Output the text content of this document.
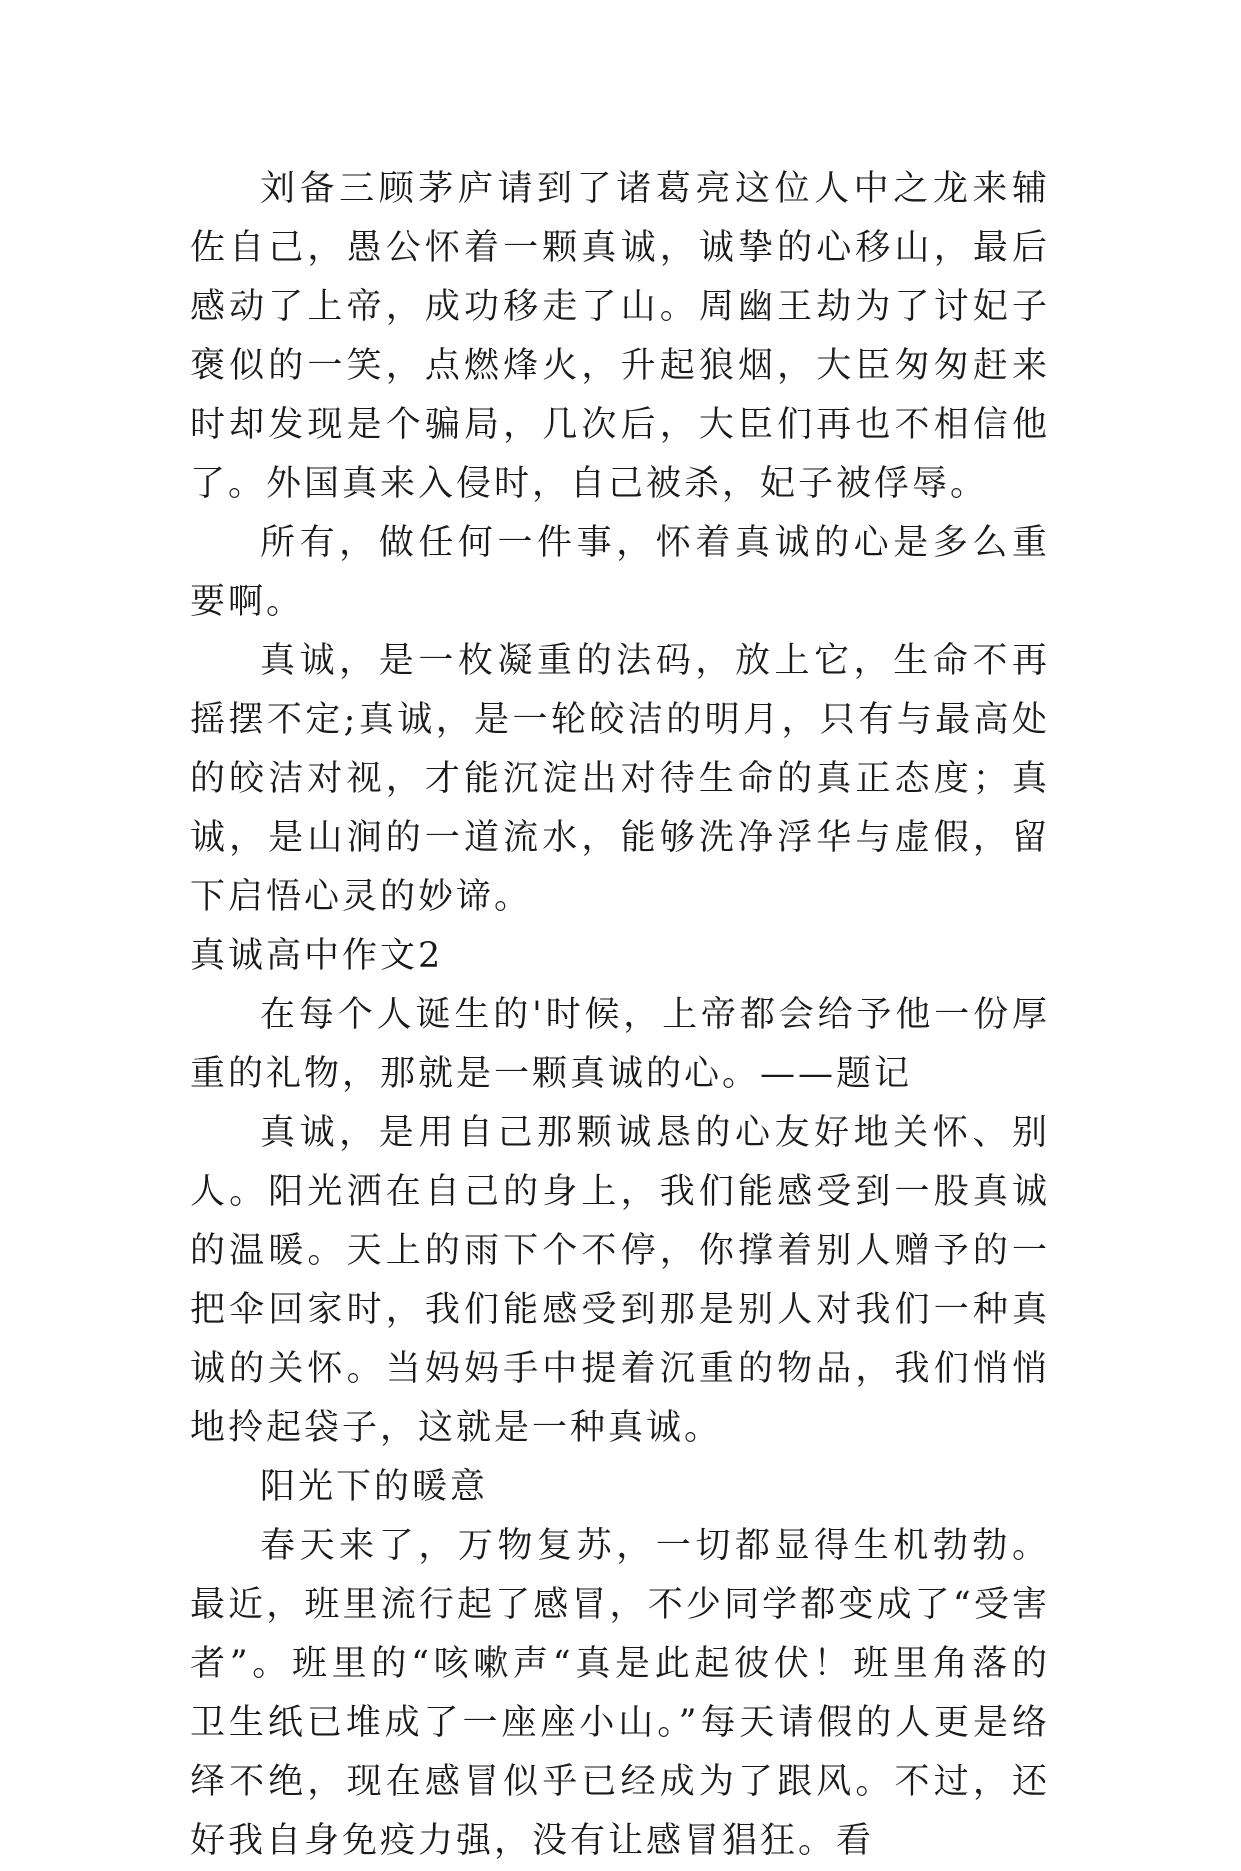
刘备三顾茅庐请到了诸葛亮这位人中之龙来辅佐自己，愚公怀着一颗真诚，诚挚的心移山，最后感动了上帝，成功移走了山。周幽王劫为了讨妃子褒似的一笑，点燃烽火，升起狼烟，大臣匆匆赶来时却发现是个骗局，几次后，大臣们再也不相信他了。外国真来入侵时，自己被杀，妃子被俘辱。

所有，做任何一件事，怀着真诚的心是多么重要啊。

真诚，是一枚凝重的法码，放上它，生命不再摇摆不定;真诚，是一轮皎洁的明月，只有与最高处的皎洁对视，才能沉淀出对待生命的真正态度；真诚，是山涧的一道流水，能够洗净浮华与虚假，留下启悟心灵的妙谛。

真诚高中作文2

在每个人诞生的'时候，上帝都会给予他一份厚重的礼物，那就是一颗真诚的心。——题记

真诚，是用自己那颗诚恳的心友好地关怀、别人。阳光洒在自己的身上，我们能感受到一股真诚的温暖。天上的雨下个不停，你撑着别人赠予的一把伞回家时，我们能感受到那是别人对我们一种真诚的关怀。当妈妈手中提着沉重的物品，我们悄悄地拎起袋子，这就是一种真诚。

阳光下的暖意

春天来了，万物复苏，一切都显得生机勃勃。最近，班里流行起了感冒，不少同学都变成了“受害者”。班里的“咳嗽声“真是此起彼伏！班里角落的卫生纸已堆成了一座座小山。”每天请假的人更是络绎不绝，现在感冒似乎已经成为了跟风。不过，还好我自身免疫力强，没有让感冒猖狂。看
